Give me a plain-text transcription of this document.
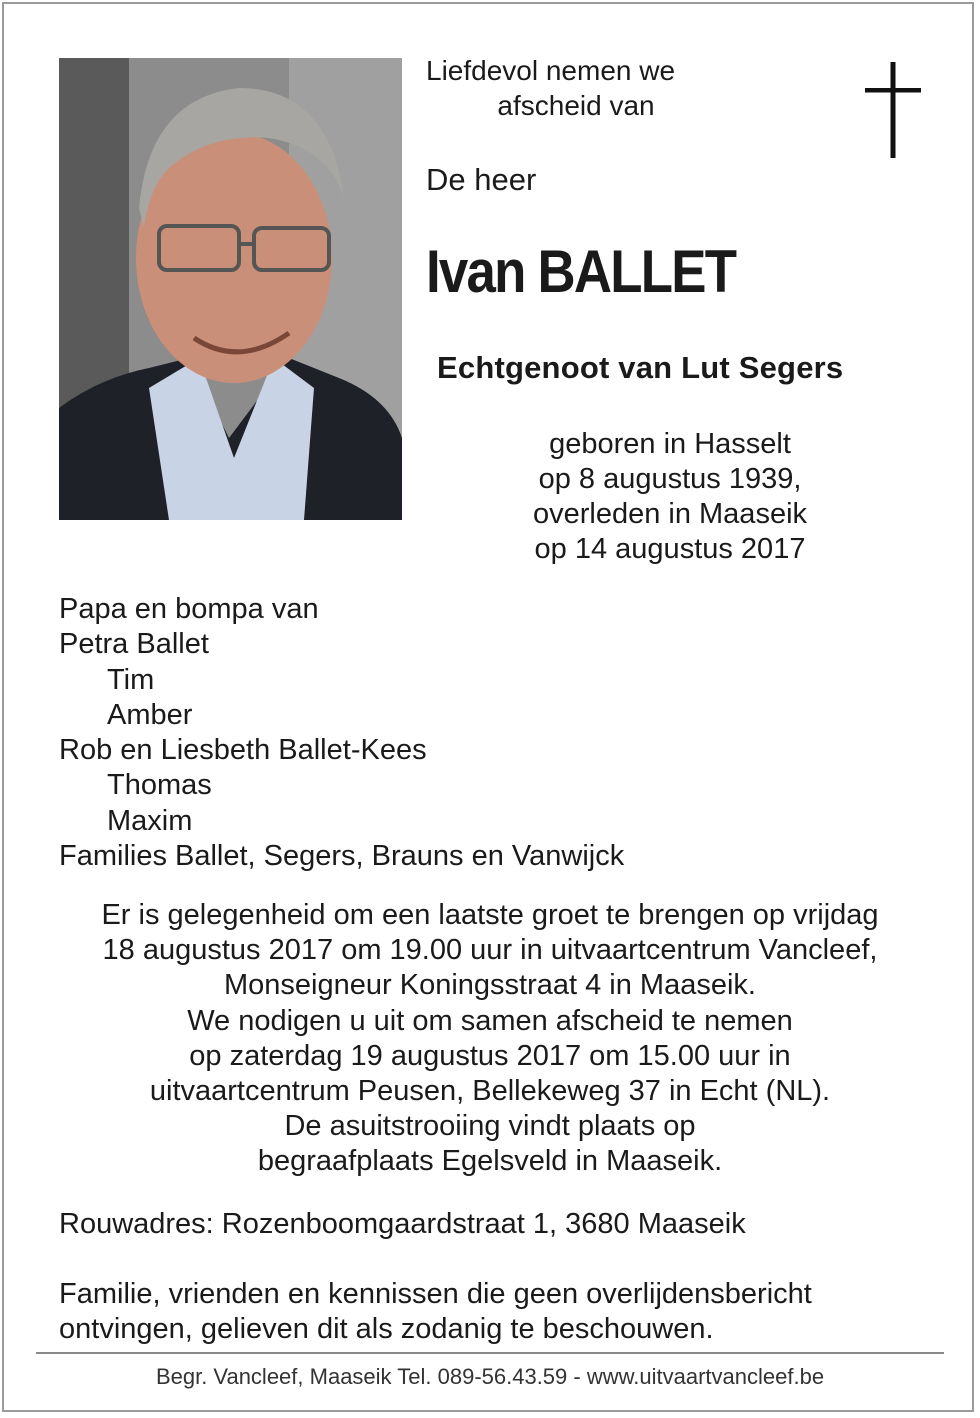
Liefdevol nemen we
afscheid van
De heer
Ivan BALLET
Echtgenoot van Lut Segers
geboren in Hasselt
op 8 augustus 1939,
overleden in Maaseik
op 14 augustus 2017
Papa en bompa van
Petra Ballet
Tim
Amber
Rob en Liesbeth Ballet-Kees
Thomas
Maxim
Families Ballet, Segers, Brauns en Vanwijck
Er is gelegenheid om een laatste groet te brengen op vrijdag
18 augustus 2017 om 19.00 uur in uitvaartcentrum Vancleef,
Monseigneur Koningsstraat 4 in Maaseik.
We nodigen u uit om samen afscheid te nemen
op zaterdag 19 augustus 2017 om 15.00 uur in
uitvaartcentrum Peusen, Bellekeweg 37 in Echt (NL).
De asuitstrooiing vindt plaats op
begraafplaats Egelsveld in Maaseik.
Rouwadres: Rozenboomgaardstraat 1, 3680 Maaseik
Familie, vrienden en kennissen die geen overlijdensbericht
ontvingen, gelieven dit als zodanig te beschouwen.
Begr. Vancleef, Maaseik Tel. 089-56.43.59 - www.uitvaartvancleef.be
